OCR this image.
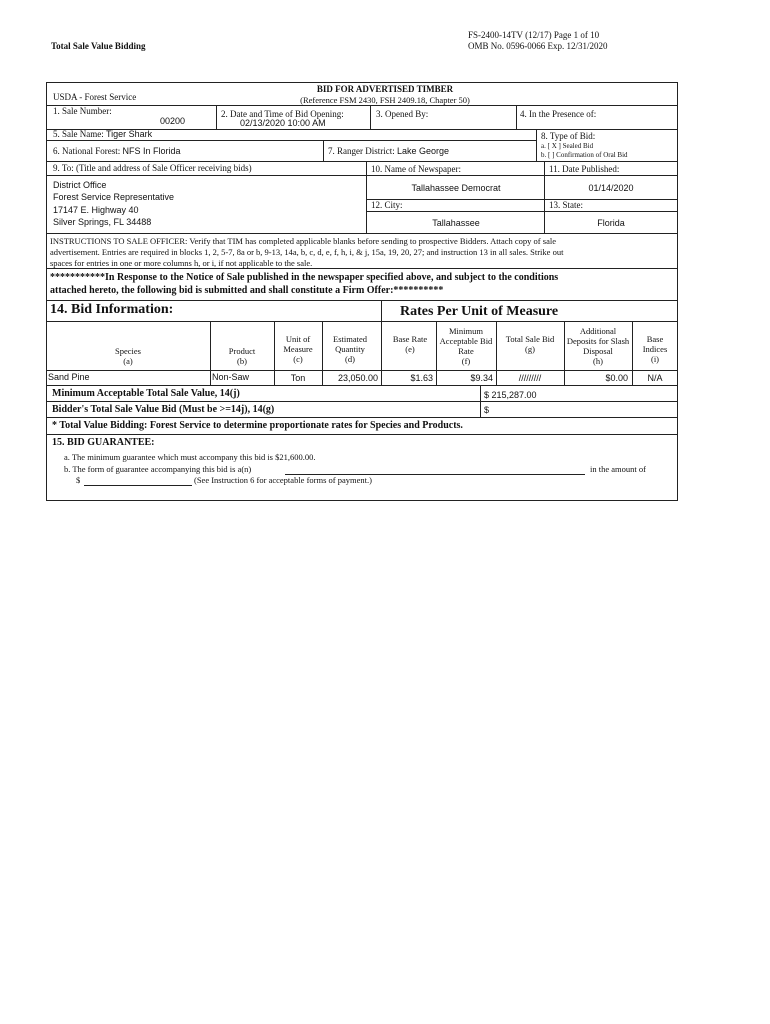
FS-2400-14TV (12/17) Page 1 of 10
OMB No. 0596-0066 Exp. 12/31/2020
Total Sale Value Bidding
USDA - Forest Service
BID FOR ADVERTISED TIMBER
(Reference FSM 2430, FSH 2409.18, Chapter 50)
1. Sale Number:
00200
2. Date and Time of Bid Opening:
02/13/2020 10:00 AM
3. Opened By:	4. In the Presence of:
5. Sale Name: Tiger Shark	8. Type of Bid:
a. [ X ] Sealed Bid
b. [ ] Confirmation of Oral Bid
6. National Forest: NFS In Florida	7. Ranger District: Lake George
9. To: (Title and address of Sale Officer receiving bids)
District Office
Forest Service Representative
17147 E. Highway 40
Silver Springs, FL 34488
10. Name of Newspaper:
Tallahassee Democrat
11. Date Published:
01/14/2020
12. City:
Tallahassee
13. State:
Florida
INSTRUCTIONS TO SALE OFFICER: Verify that TIM has completed applicable blanks before sending to prospective Bidders. Attach copy of sale
advertisement. Entries are required in blocks 1, 2, 5-7, 8a or b, 9-13, 14a, b, c, d, e, f, h, i, & j, 15a, 19, 20, 27; and instruction 13 in all sales. Strike out
spaces for entries in one or more columns h, or i, if not applicable to the sale.
***********In Response to the Notice of Sale published in the newspaper specified above, and subject to the conditions
attached hereto, the following bid is submitted and shall constitute a Firm Offer:**********
14. Bid Information:	Rates Per Unit of Measure
Species
(a)
Product
(b)
Unit of Measure
(c)
Estimated Quantity
(d)
Base Rate
(e)
Minimum Acceptable Bid Rate
(f)
Total Sale Bid
(g)
Additional Deposits for Slash Disposal
(h)
Base Indices
(i)
Sand Pine	Non-Saw	Ton	23,050.00	$1.63	$9.34	/////////	$0.00	N/A
Minimum Acceptable Total Sale Value, 14(j)	$ 215,287.00
Bidder's Total Sale Value Bid (Must be >=14j), 14(g)	$
* Total Value Bidding: Forest Service to determine proportionate rates for Species and Products.
15. BID GUARANTEE:
a. The minimum guarantee which must accompany this bid is $21,600.00.
b. The form of guarantee accompanying this bid is a(n)	in the amount of
$	(See Instruction 6 for acceptable forms of payment.)
